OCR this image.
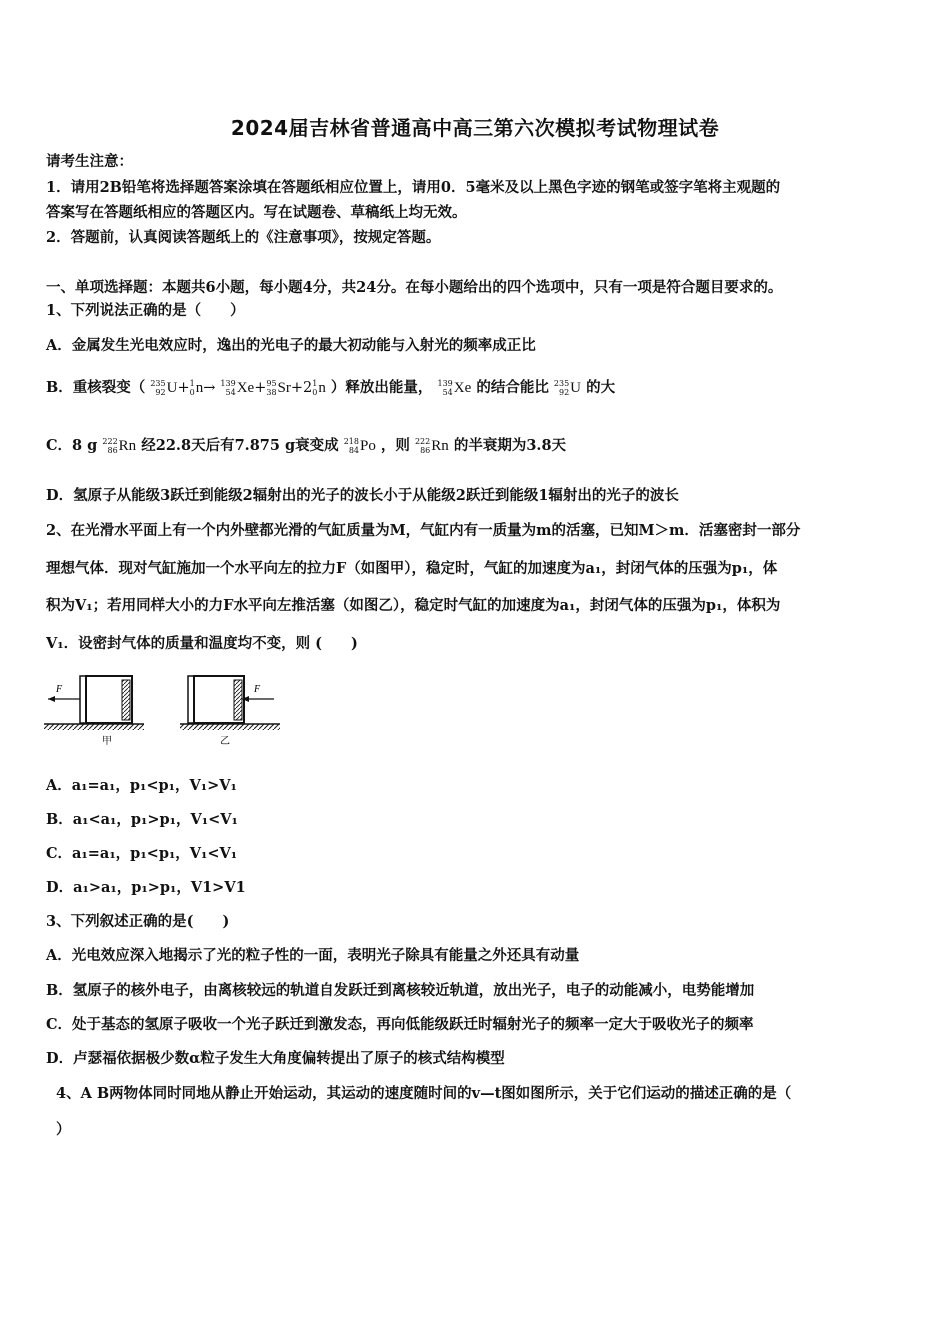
2024届吉林省普通高中高三第六次模拟考试物理试卷
请考生注意：
1．请用2B铅笔将选择题答案涂填在答题纸相应位置上，请用0．5毫米及以上黑色字迹的钢笔或签字笔将主观题的
答案写在答题纸相应的答题区内。写在试题卷、草稿纸上均无效。
2．答题前，认真阅读答题纸上的《注意事项》，按规定答题。
一、单项选择题：本题共6小题，每小题4分，共24分。在每小题给出的四个选项中，只有一项是符合题目要求的。
1、下列说法正确的是（　　）
A．金属发生光电效应时，逸出的光电子的最大初动能与入射光的频率成正比
B．重核裂变（ 235
92 U + 1
0 n → 139
54 Xe + 95
38 Sr +2 1
0 n ）释放出能量， 139
54 Xe 的结合能比 235
92 U 的大
C．8 g 222
86 Rn 经22.8天后有7.875 g衰变成 218
84 Po ，则 222
86 Rn 的半衰期为3.8天
D．氢原子从能级3跃迁到能级2辐射出的光子的波长小于从能级2跃迁到能级1辐射出的光子的波长
2、在光滑水平面上有一个内外壁都光滑的气缸质量为M，气缸内有一质量为m的活塞，已知M＞m．活塞密封一部分
理想气体．现对气缸施加一个水平向左的拉力F（如图甲），稳定时，气缸的加速度为a₁，封闭气体的压强为p₁，体
积为V₁；若用同样大小的力F水平向左推活塞（如图乙），稳定时气缸的加速度为a₁，封闭气体的压强为p₁，体积为
V₁．设密封气体的质量和温度均不变，则 (　　)
F
甲
F
乙
A．a₁=a₁，p₁<p₁，V₁>V₁
B．a₁<a₁，p₁>p₁，V₁<V₁
C．a₁=a₁，p₁<p₁，V₁<V₁
D．a₁>a₁，p₁>p₁，V1>V1
3、下列叙述正确的是(　　)
A．光电效应深入地揭示了光的粒子性的一面，表明光子除具有能量之外还具有动量
B．氢原子的核外电子，由离核较远的轨道自发跃迁到离核较近轨道，放出光子，电子的动能减小，电势能增加
C．处于基态的氢原子吸收一个光子跃迁到激发态，再向低能级跃迁时辐射光子的频率一定大于吸收光子的频率
D．卢瑟福依据极少数α粒子发生大角度偏转提出了原子的核式结构模型
4、A B两物体同时同地从静止开始运动，其运动的速度随时间的v—t图如图所示，关于它们运动的描述正确的是（
）
